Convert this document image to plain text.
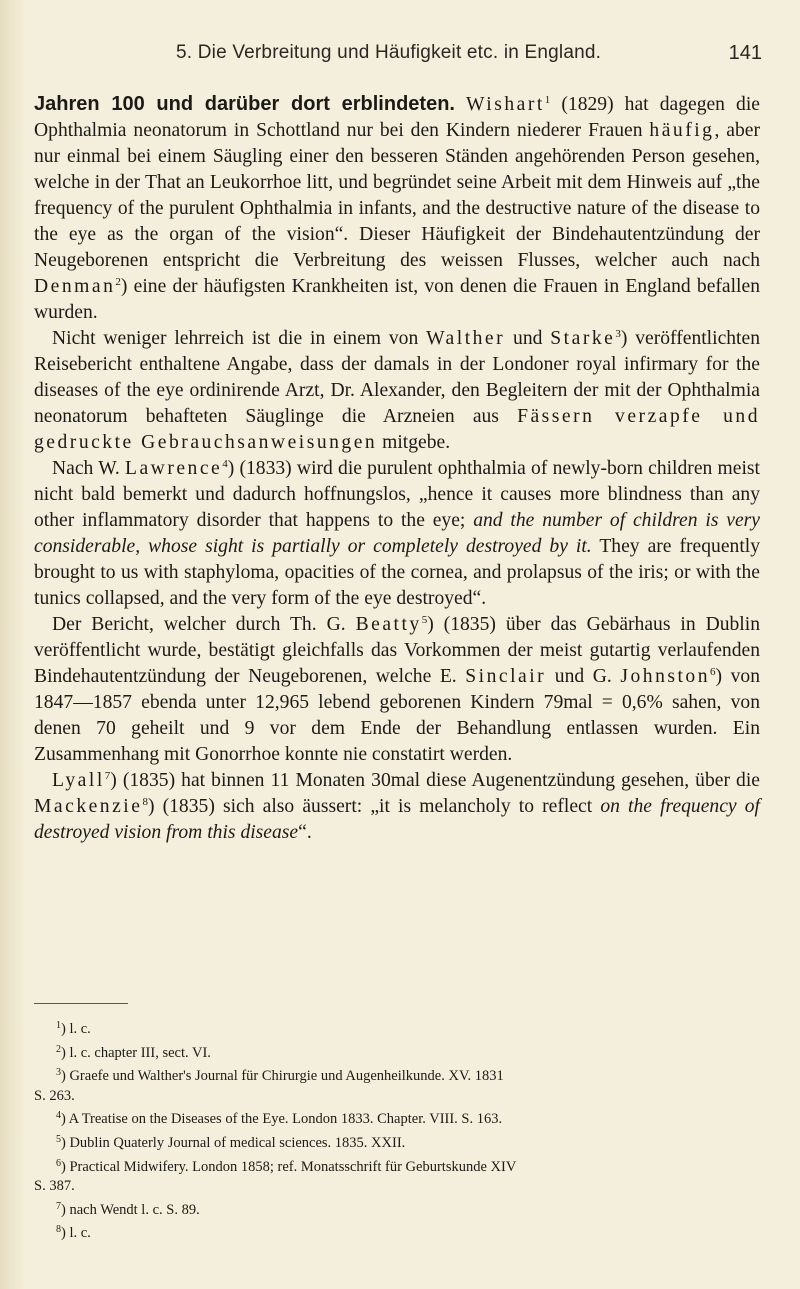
5. Die Verbreitung und Häufigkeit etc. in England.	141

Jahren 100 und darüber dort erblindeten. Wishart$^1$ (1829) hat dagegen die Ophthalmia neonatorum in Schottland nur bei den Kindern niederer Frauen häufig, aber nur einmal bei einem Säugling einer den besseren Ständen angehörenden Person gesehen, welche in der That an Leukorrhoe litt, und begründet seine Arbeit mit dem Hinweis auf „the frequency of the purulent Ophthalmia in infants, and the destructive nature of the disease to the eye as the organ of the vision“. Dieser Häufigkeit der Bindehautentzündung der Neugeborenen entspricht die Verbreitung des weissen Flusses, welcher auch nach Denman$^2$) eine der häufigsten Krankheiten ist, von denen die Frauen in England befallen wurden.

Nicht weniger lehrreich ist die in einem von Walther und Starke$^3$) veröffentlichten Reisebericht enthaltene Angabe, dass der damals in der Londoner royal infirmary for the diseases of the eye ordinirende Arzt, Dr. Alexander, den Begleitern der mit der Ophthalmia neonatorum behafteten Säuglinge die Arzneien aus Fässern verzapfe und gedruckte Gebrauchsanweisungen mitgebe.

Nach W. Lawrence$^4$) (1833) wird die purulent ophthalmia of newly-born children meist nicht bald bemerkt und dadurch hoffnungslos, „hence it causes more blindness than any other inflammatory disorder that happens to the eye; and the number of children is very considerable, whose sight is partially or completely destroyed by it. They are frequently brought to us with staphyloma, opacities of the cornea, and prolapsus of the iris; or with the tunics collapsed, and the very form of the eye destroyed“.

Der Bericht, welcher durch Th. G. Beatty$^5$) (1835) über das Gebärhaus in Dublin veröffentlicht wurde, bestätigt gleichfalls das Vorkommen der meist gutartig verlaufenden Bindehautentzündung der Neugeborenen, welche E. Sinclair und G. Johnston$^6$) von 1847—1857 ebenda unter 12,965 lebend geborenen Kindern 79mal = 0,6% sahen, von denen 70 geheilt und 9 vor dem Ende der Behandlung entlassen wurden. Ein Zusammenhang mit Gonorrhoe konnte nie constatirt werden.

Lyall$^7$) (1835) hat binnen 11 Monaten 30mal diese Augenentzündung gesehen, über die Mackenzie$^8$) (1835) sich also äussert: „it is melancholy to reflect on the frequency of destroyed vision from this disease“.

$^1$) l. c.

$^2$) l. c. chapter III, sect. VI.

$^3$) Graefe und Walther's Journal für Chirurgie und Augenheilkunde. XV. 1831

S. 263.

$^4$) A Treatise on the Diseases of the Eye. London 1833. Chapter. VIII. S. 163.

$^5$) Dublin Quaterly Journal of medical sciences. 1835. XXII.

$^6$) Practical Midwifery. London 1858; ref. Monatsschrift für Geburtskunde XIV

S. 387.

$^7$) nach Wendt l. c. S. 89.

$^8$) l. c.
